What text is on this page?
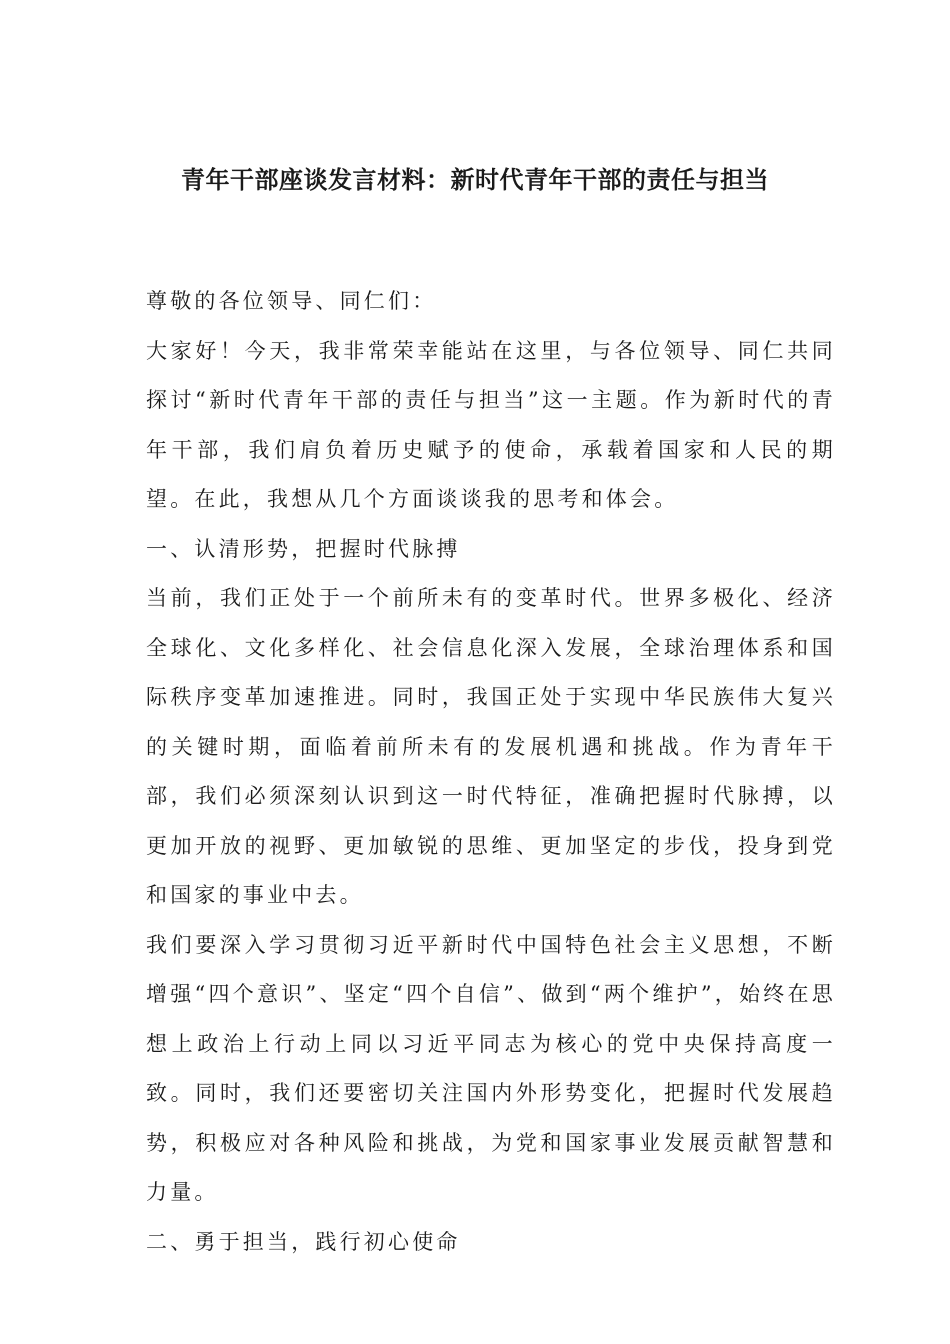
青年干部座谈发言材料：新时代青年干部的责任与担当

尊敬的各位领导、同仁们：

大家好！今天，我非常荣幸能站在这里，与各位领导、同仁共同探讨“新时代青年干部的责任与担当”这一主题。作为新时代的青年干部，我们肩负着历史赋予的使命，承载着国家和人民的期望。在此，我想从几个方面谈谈我的思考和体会。

一、认清形势，把握时代脉搏

当前，我们正处于一个前所未有的变革时代。世界多极化、经济全球化、文化多样化、社会信息化深入发展，全球治理体系和国际秩序变革加速推进。同时，我国正处于实现中华民族伟大复兴的关键时期，面临着前所未有的发展机遇和挑战。作为青年干部，我们必须深刻认识到这一时代特征，准确把握时代脉搏，以更加开放的视野、更加敏锐的思维、更加坚定的步伐，投身到党和国家的事业中去。

我们要深入学习贯彻习近平新时代中国特色社会主义思想，不断增强“四个意识”、坚定“四个自信”、做到“两个维护”，始终在思想上政治上行动上同以习近平同志为核心的党中央保持高度一致。同时，我们还要密切关注国内外形势变化，把握时代发展趋势，积极应对各种风险和挑战，为党和国家事业发展贡献智慧和力量。

二、勇于担当，践行初心使命
